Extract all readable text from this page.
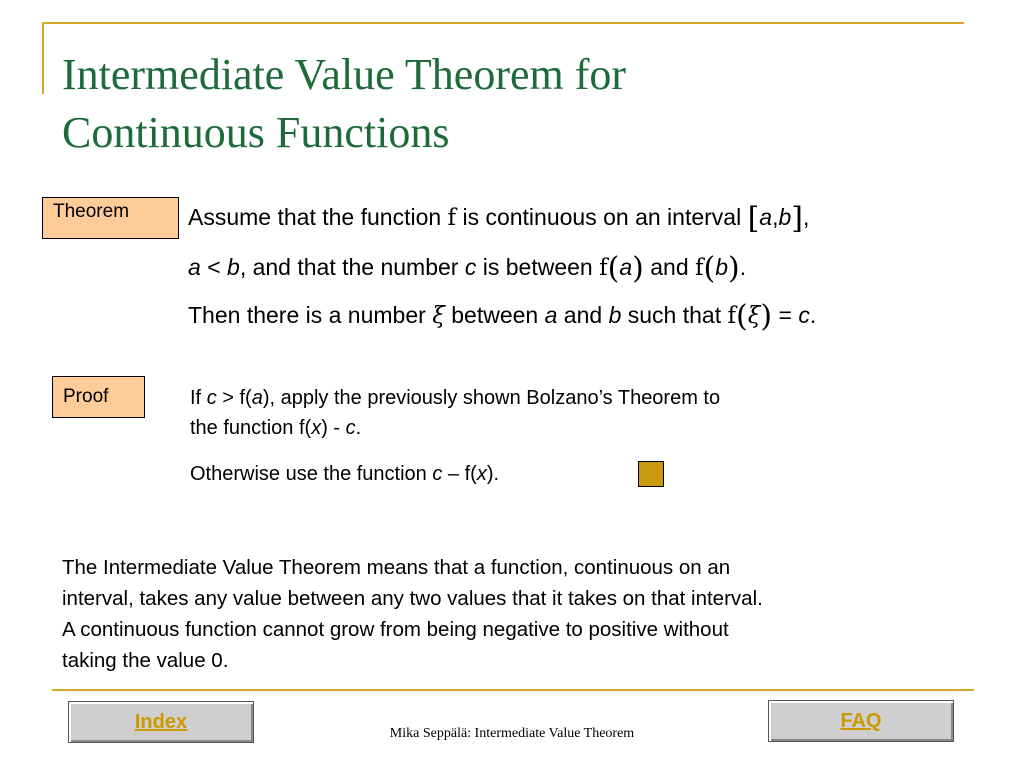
Intermediate Value Theorem for
Continuous Functions
Theorem	Assume that the function f is continuous on an interval [a,b],
a < b, and that the number c is between f(a) and f(b).
Then there is a number ξ between a and b such that f(ξ) = c.
Proof	If c > f(a), apply the previously shown Bolzano’s Theorem to
the function f(x) - c.
Otherwise use the function c – f(x).
The Intermediate Value Theorem means that a function, continuous on an
interval, takes any value between any two values that it takes on that interval.
A continuous function cannot grow from being negative to positive without
taking the value 0.
Index
Mika Seppälä: Intermediate Value Theorem
FAQ
